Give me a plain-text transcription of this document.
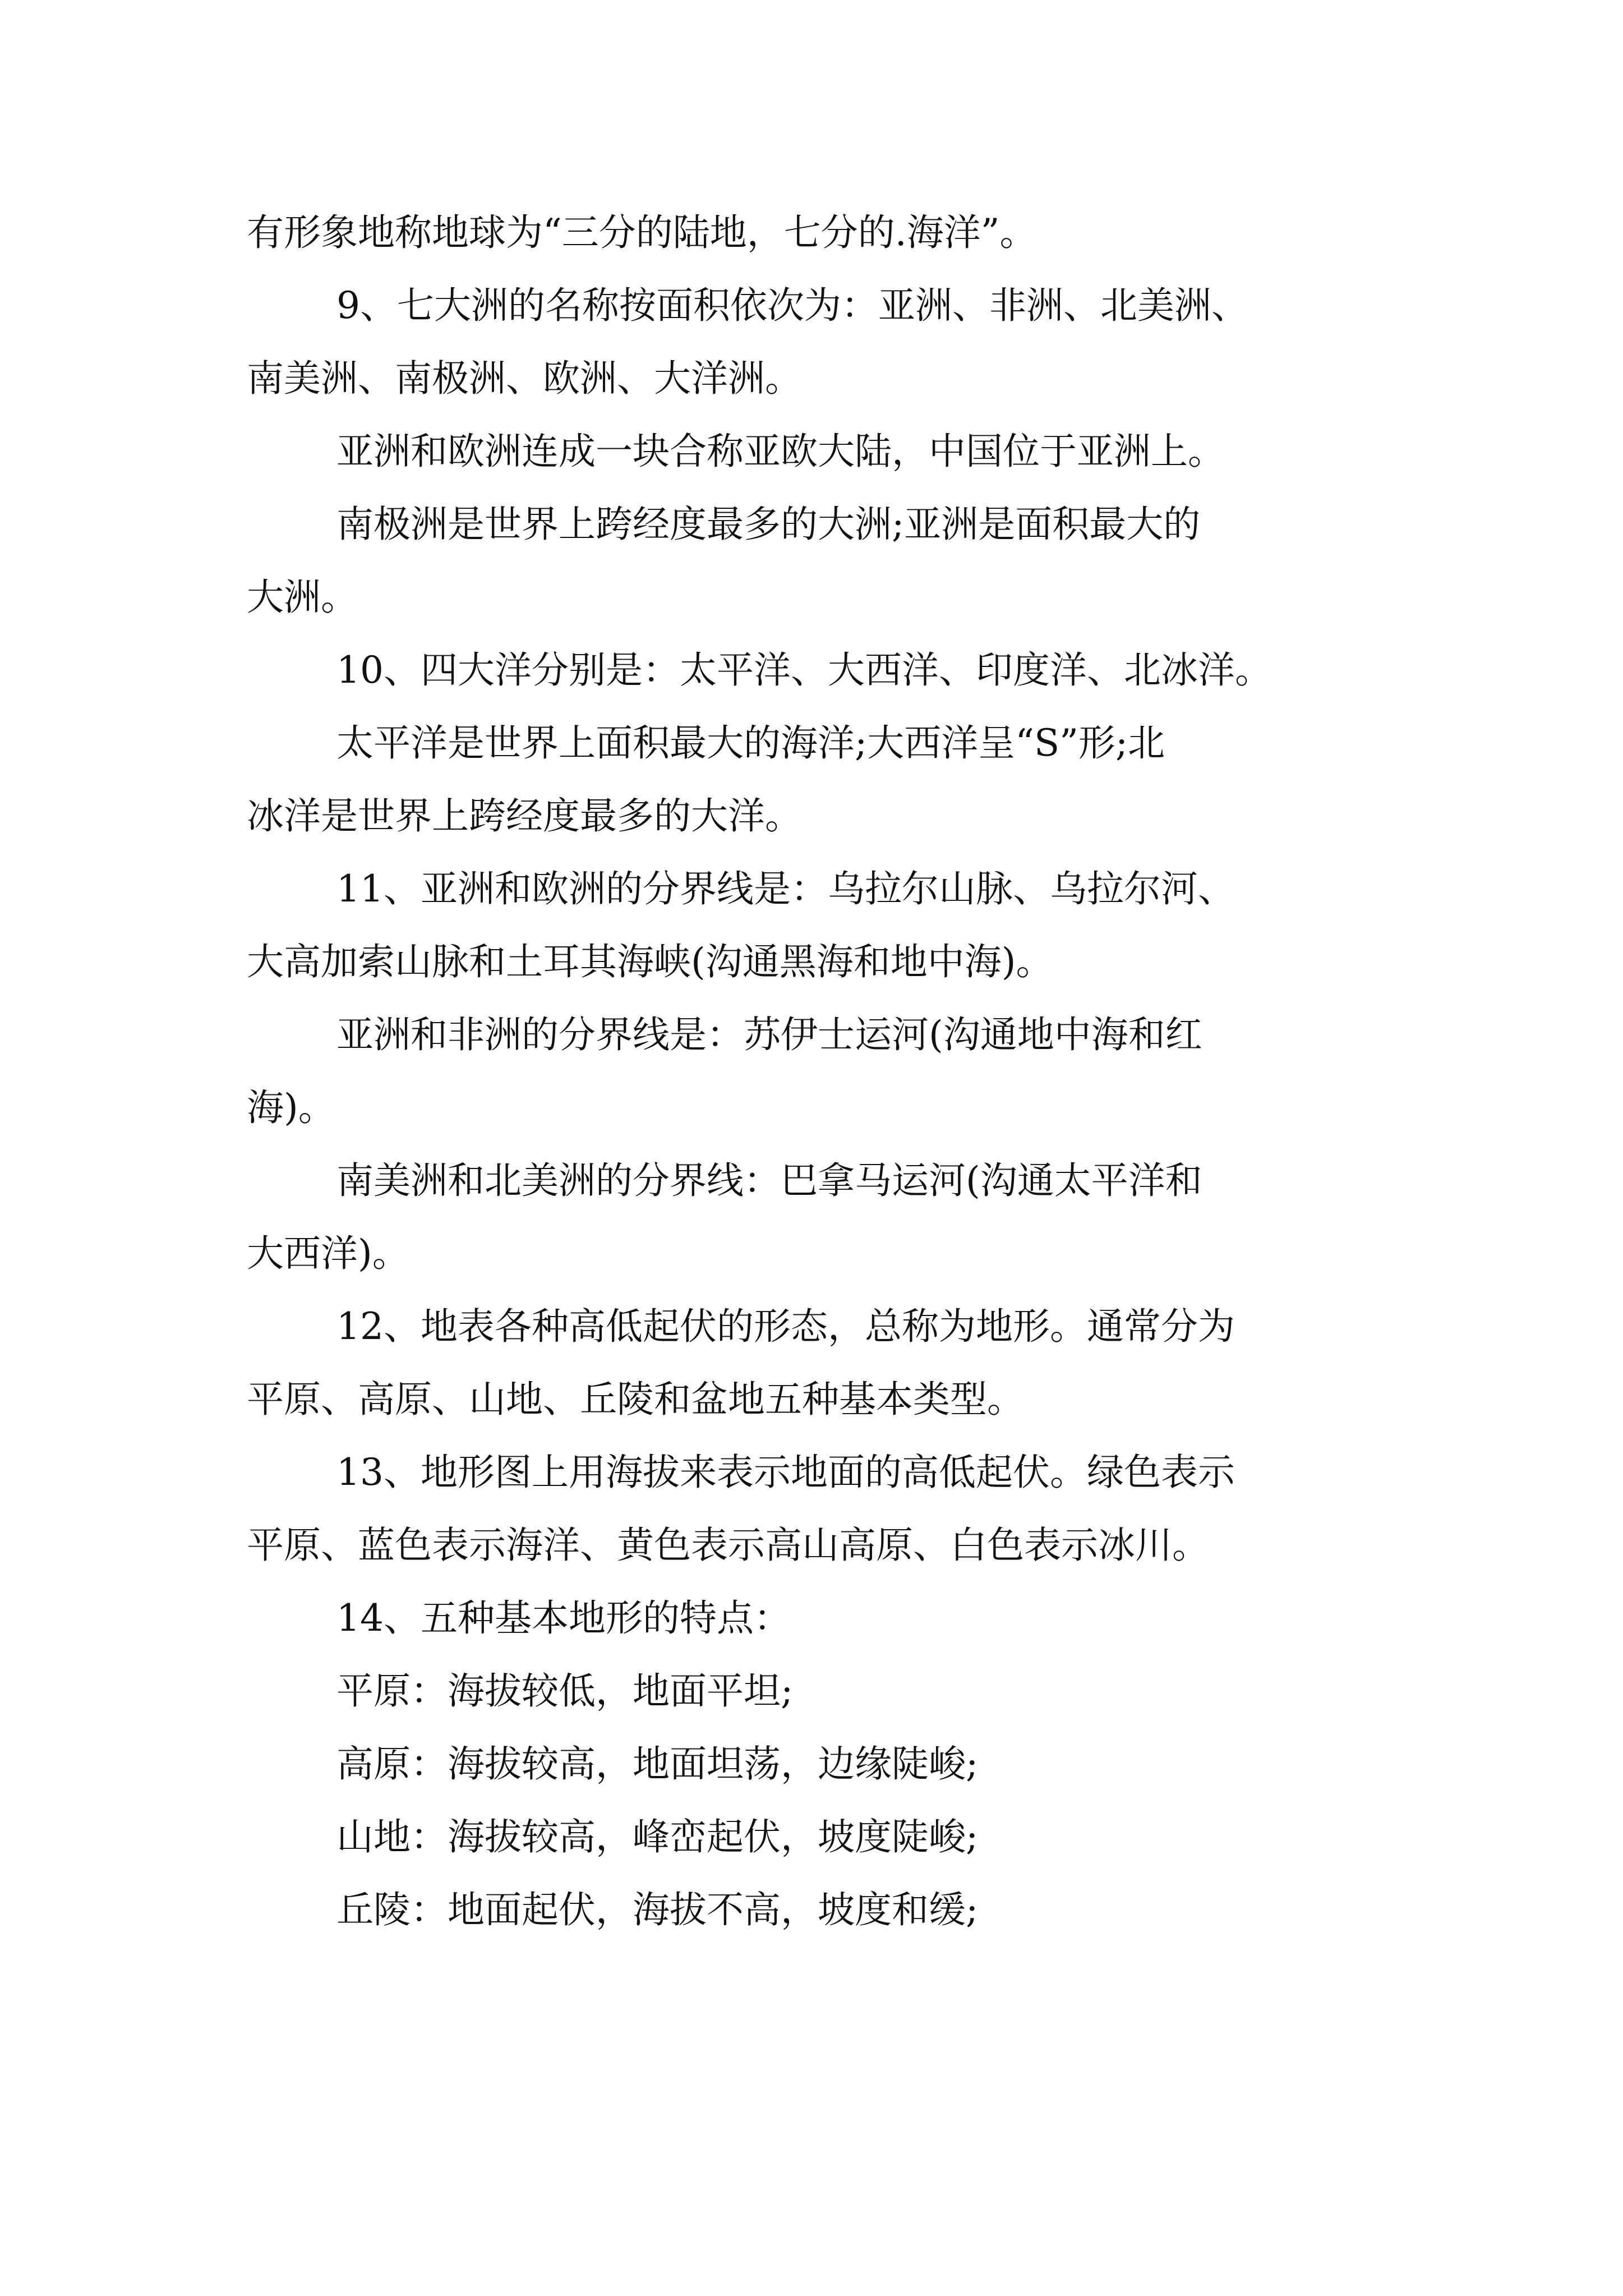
有形象地称地球为“三分的陆地，七分的.海洋”。
9、七大洲的名称按面积依次为：亚洲、非洲、北美洲、
南美洲、南极洲、欧洲、大洋洲。
亚洲和欧洲连成一块合称亚欧大陆，中国位于亚洲上。
南极洲是世界上跨经度最多的大洲;亚洲是面积最大的
大洲。
10、四大洋分别是：太平洋、大西洋、印度洋、北冰洋。
太平洋是世界上面积最大的海洋;大西洋呈“S”形;北
冰洋是世界上跨经度最多的大洋。
11、亚洲和欧洲的分界线是：乌拉尔山脉、乌拉尔河、
大高加索山脉和土耳其海峡(沟通黑海和地中海)。
亚洲和非洲的分界线是：苏伊士运河(沟通地中海和红
海)。
南美洲和北美洲的分界线：巴拿马运河(沟通太平洋和
大西洋)。
12、地表各种高低起伏的形态，总称为地形。通常分为
平原、高原、山地、丘陵和盆地五种基本类型。
13、地形图上用海拔来表示地面的高低起伏。绿色表示
平原、蓝色表示海洋、黄色表示高山高原、白色表示冰川。
14、五种基本地形的特点：
平原：海拔较低，地面平坦;
高原：海拔较高，地面坦荡，边缘陡峻;
山地：海拔较高，峰峦起伏，坡度陡峻;
丘陵：地面起伏，海拔不高，坡度和缓;
